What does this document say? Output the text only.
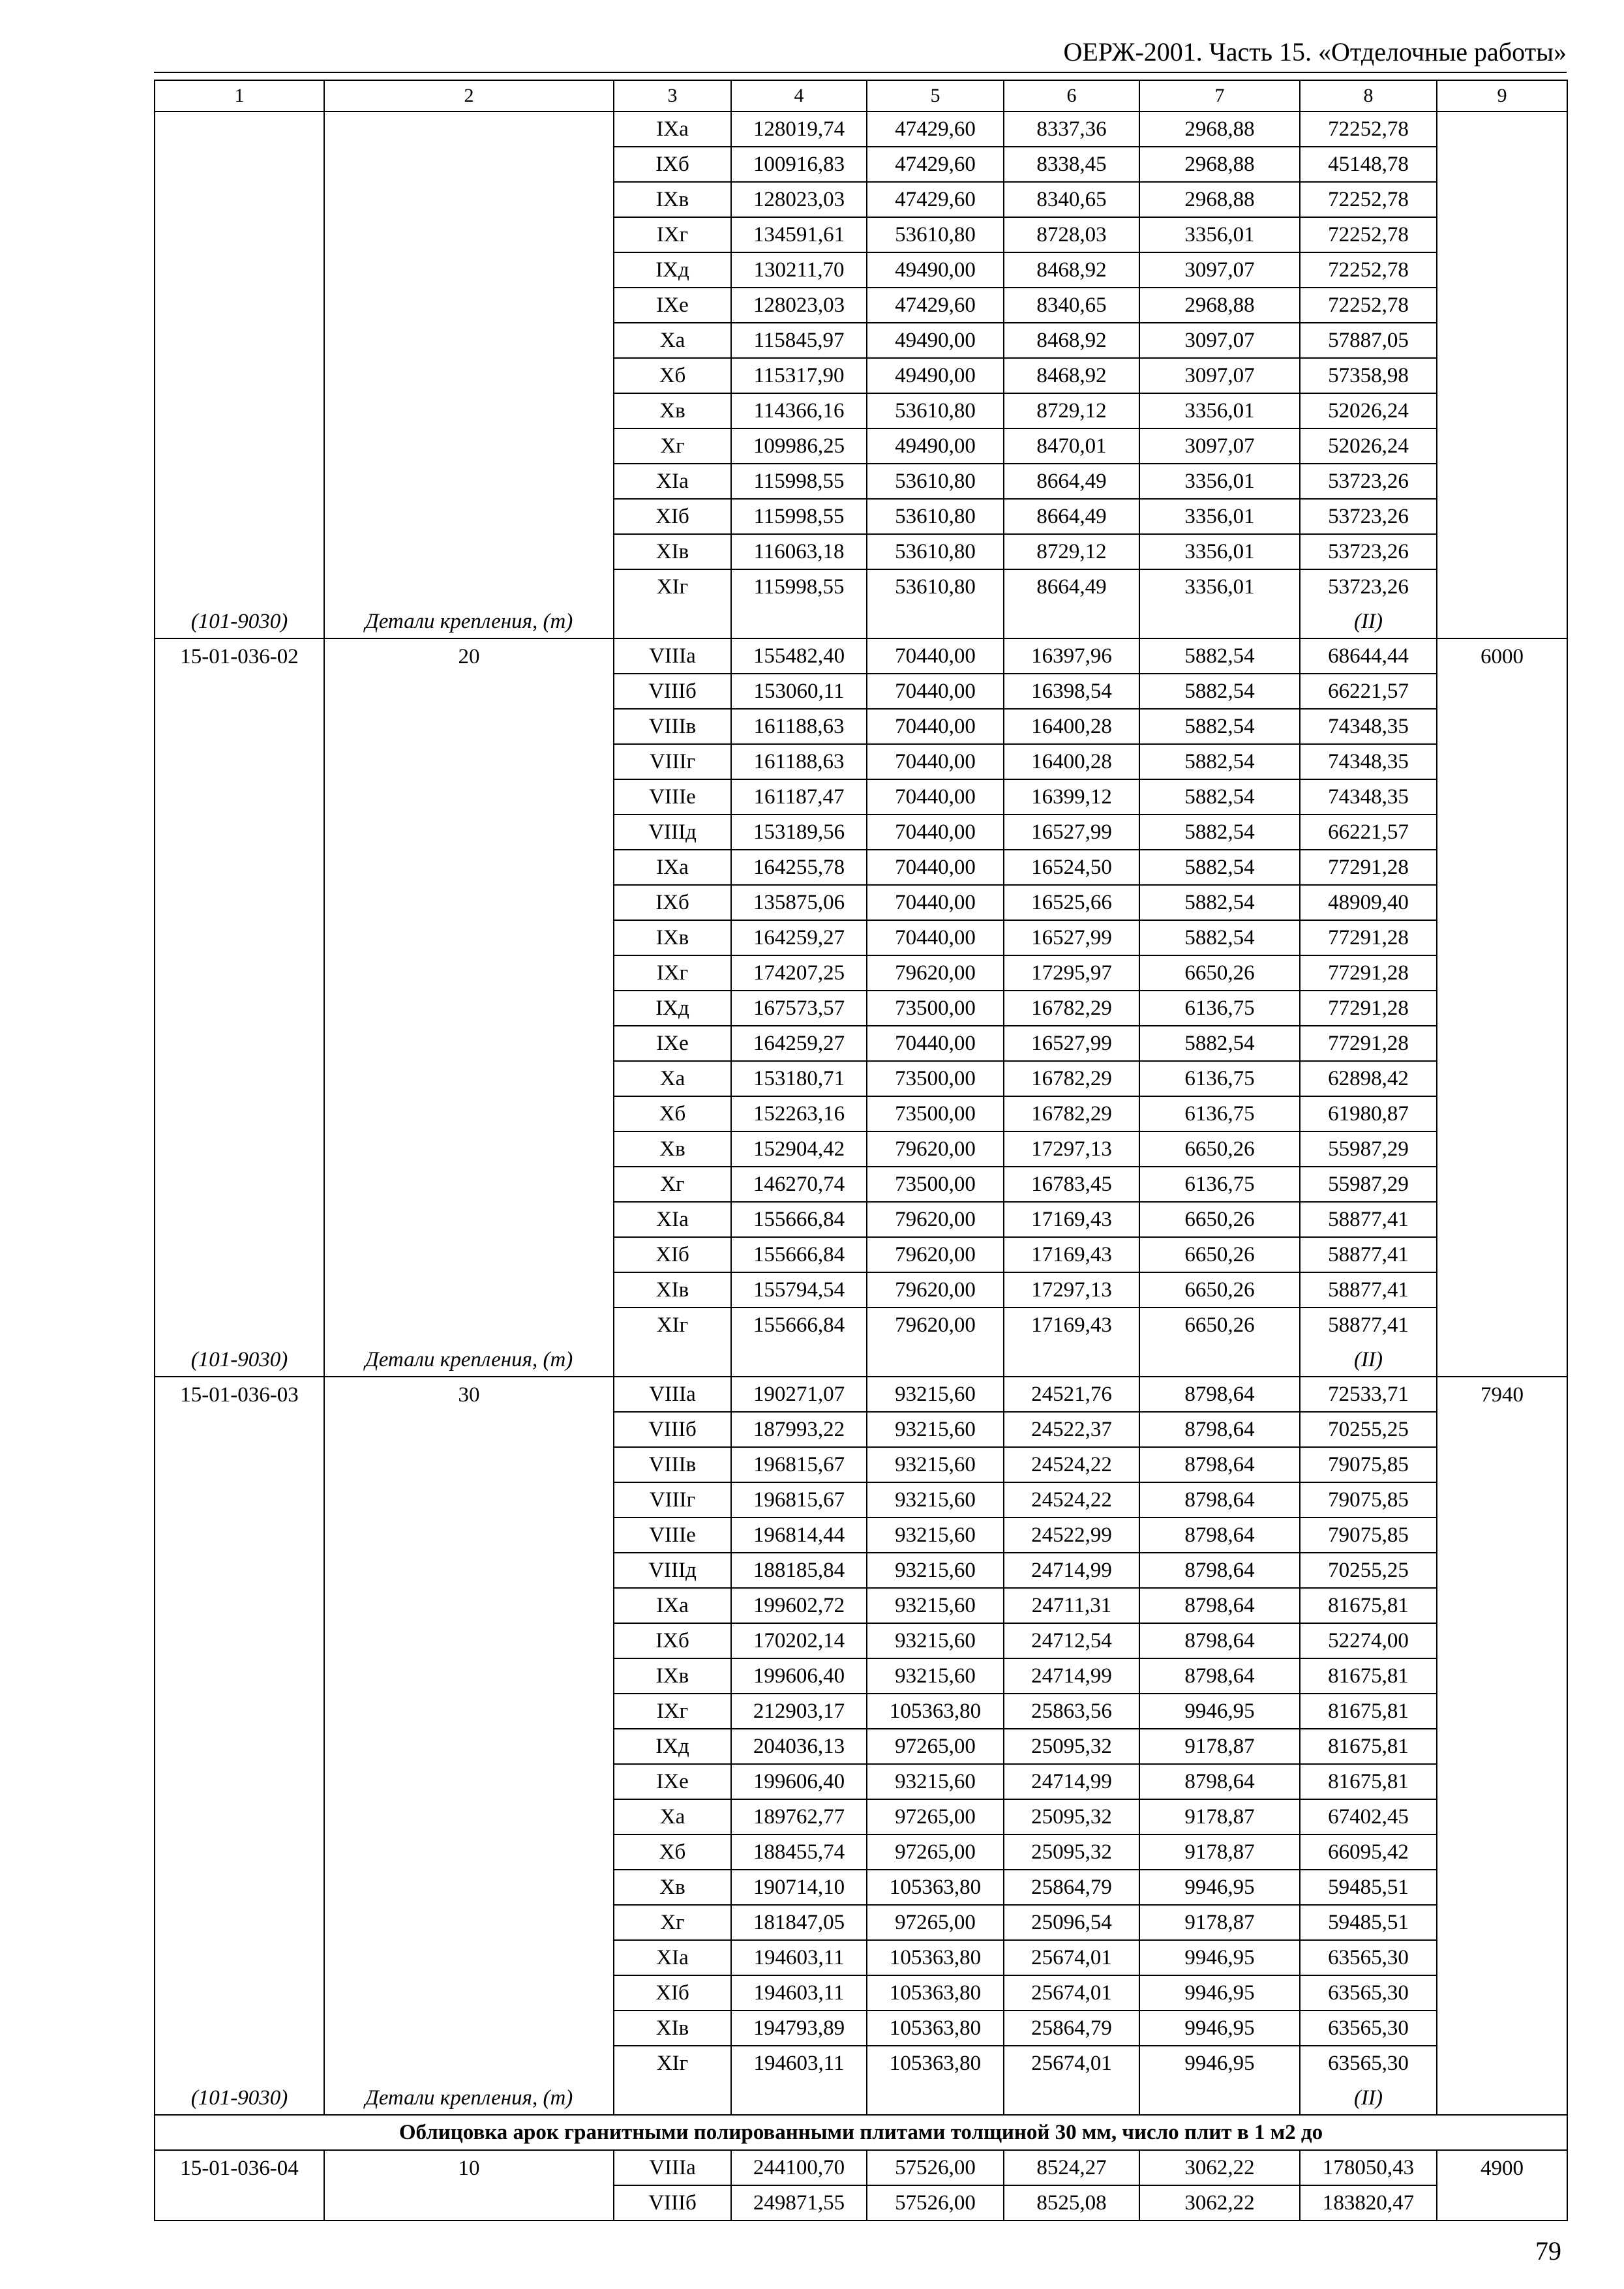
ОЕРЖ-2001. Часть 15. «Отделочные работы»
1	2	3	4	5	6	7	8	9
		IXа	128019,74	47429,60	8337,36	2968,88	72252,78	
		IXб	100916,83	47429,60	8338,45	2968,88	45148,78	
		IXв	128023,03	47429,60	8340,65	2968,88	72252,78	
		IXг	134591,61	53610,80	8728,03	3356,01	72252,78	
		IXд	130211,70	49490,00	8468,92	3097,07	72252,78	
		IXе	128023,03	47429,60	8340,65	2968,88	72252,78	
		Xа	115845,97	49490,00	8468,92	3097,07	57887,05	
		Xб	115317,90	49490,00	8468,92	3097,07	57358,98	
		Xв	114366,16	53610,80	8729,12	3356,01	52026,24	
		Xг	109986,25	49490,00	8470,01	3097,07	52026,24	
		XIа	115998,55	53610,80	8664,49	3356,01	53723,26	
		XIб	115998,55	53610,80	8664,49	3356,01	53723,26	
		XIв	116063,18	53610,80	8729,12	3356,01	53723,26	
		XIг	115998,55	53610,80	8664,49	3356,01	53723,26	
(101-9030)	Детали крепления, (т)						(II)	
15-01-036-02	20	VIIIа	155482,40	70440,00	16397,96	5882,54	68644,44	6000
		VIIIб	153060,11	70440,00	16398,54	5882,54	66221,57	
		VIIIв	161188,63	70440,00	16400,28	5882,54	74348,35	
		VIIIг	161188,63	70440,00	16400,28	5882,54	74348,35	
		VIIIе	161187,47	70440,00	16399,12	5882,54	74348,35	
		VIIIд	153189,56	70440,00	16527,99	5882,54	66221,57	
		IXа	164255,78	70440,00	16524,50	5882,54	77291,28	
		IXб	135875,06	70440,00	16525,66	5882,54	48909,40	
		IXв	164259,27	70440,00	16527,99	5882,54	77291,28	
		IXг	174207,25	79620,00	17295,97	6650,26	77291,28	
		IXд	167573,57	73500,00	16782,29	6136,75	77291,28	
		IXе	164259,27	70440,00	16527,99	5882,54	77291,28	
		Xа	153180,71	73500,00	16782,29	6136,75	62898,42	
		Xб	152263,16	73500,00	16782,29	6136,75	61980,87	
		Xв	152904,42	79620,00	17297,13	6650,26	55987,29	
		Xг	146270,74	73500,00	16783,45	6136,75	55987,29	
		XIа	155666,84	79620,00	17169,43	6650,26	58877,41	
		XIб	155666,84	79620,00	17169,43	6650,26	58877,41	
		XIв	155794,54	79620,00	17297,13	6650,26	58877,41	
		XIг	155666,84	79620,00	17169,43	6650,26	58877,41	
(101-9030)	Детали крепления, (т)						(II)	
15-01-036-03	30	VIIIа	190271,07	93215,60	24521,76	8798,64	72533,71	7940
		VIIIб	187993,22	93215,60	24522,37	8798,64	70255,25	
		VIIIв	196815,67	93215,60	24524,22	8798,64	79075,85	
		VIIIг	196815,67	93215,60	24524,22	8798,64	79075,85	
		VIIIе	196814,44	93215,60	24522,99	8798,64	79075,85	
		VIIIд	188185,84	93215,60	24714,99	8798,64	70255,25	
		IXа	199602,72	93215,60	24711,31	8798,64	81675,81	
		IXб	170202,14	93215,60	24712,54	8798,64	52274,00	
		IXв	199606,40	93215,60	24714,99	8798,64	81675,81	
		IXг	212903,17	105363,80	25863,56	9946,95	81675,81	
		IXд	204036,13	97265,00	25095,32	9178,87	81675,81	
		IXе	199606,40	93215,60	24714,99	8798,64	81675,81	
		Xа	189762,77	97265,00	25095,32	9178,87	67402,45	
		Xб	188455,74	97265,00	25095,32	9178,87	66095,42	
		Xв	190714,10	105363,80	25864,79	9946,95	59485,51	
		Xг	181847,05	97265,00	25096,54	9178,87	59485,51	
		XIа	194603,11	105363,80	25674,01	9946,95	63565,30	
		XIб	194603,11	105363,80	25674,01	9946,95	63565,30	
		XIв	194793,89	105363,80	25864,79	9946,95	63565,30	
		XIг	194603,11	105363,80	25674,01	9946,95	63565,30	
(101-9030)	Детали крепления, (т)						(II)	
Облицовка арок гранитными полированными плитами толщиной 30 мм, число плит в 1 м2 до								
15-01-036-04	10	VIIIа	244100,70	57526,00	8524,27	3062,22	178050,43	4900
		VIIIб	249871,55	57526,00	8525,08	3062,22	183820,47	
79
